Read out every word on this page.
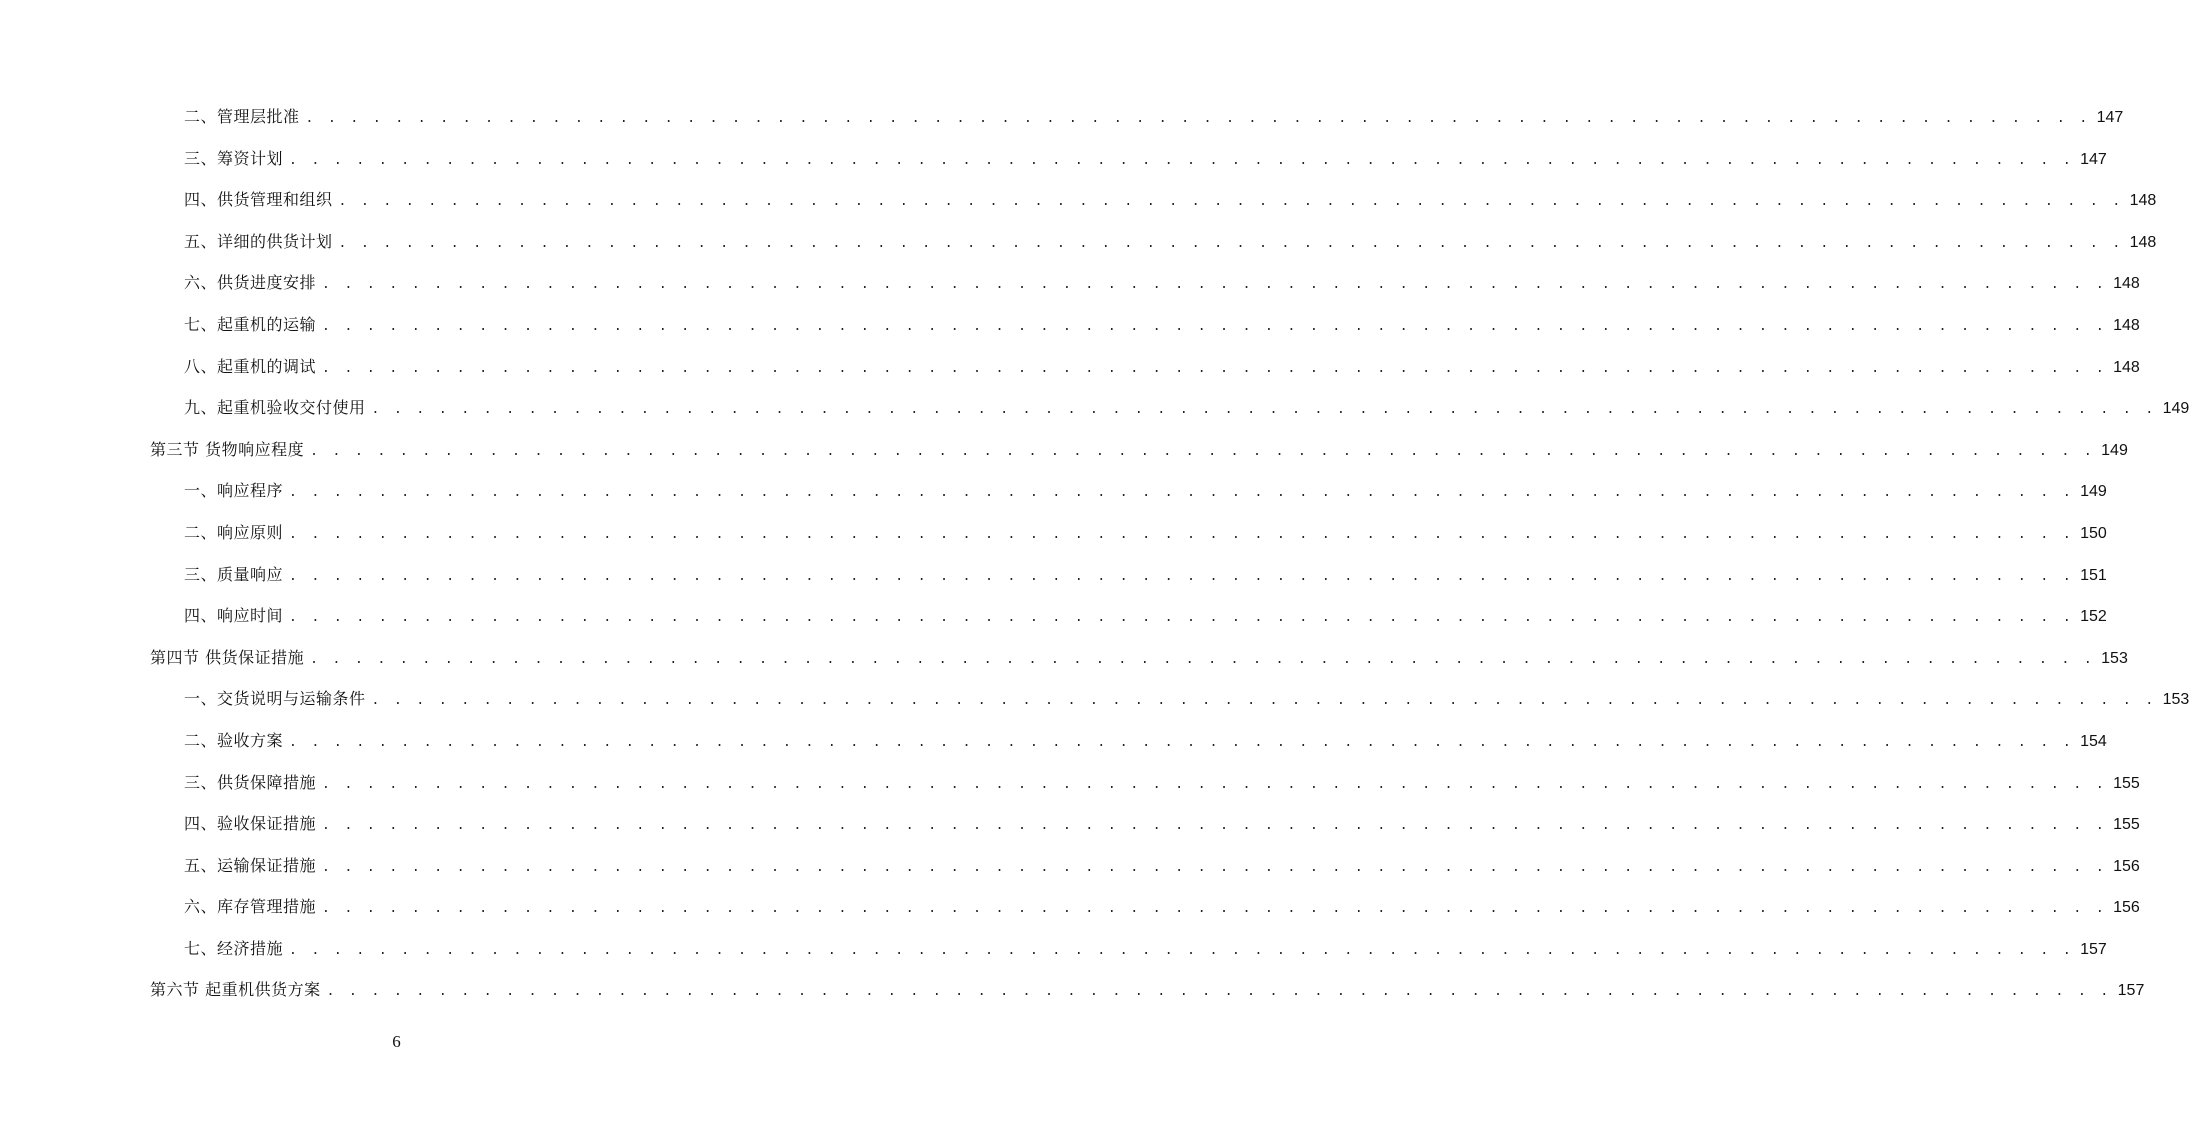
二、管理层批准 . . . . . . . . . . . . . . . . . . . . . . . . . . . . . . . . . . . . . . . . . . . . . . . . . . . . . . . . . . . . . . . . . . . . . . . . . . . . . . . . 147
三、筹资计划 . . . . . . . . . . . . . . . . . . . . . . . . . . . . . . . . . . . . . . . . . . . . . . . . . . . . . . . . . . . . . . . . . . . . . . . . . . . . . . . . 147
四、供货管理和组织 . . . . . . . . . . . . . . . . . . . . . . . . . . . . . . . . . . . . . . . . . . . . . . . . . . . . . . . . . . . . . . . . . . . . . . . . . . . . . . . . 148
五、详细的供货计划 . . . . . . . . . . . . . . . . . . . . . . . . . . . . . . . . . . . . . . . . . . . . . . . . . . . . . . . . . . . . . . . . . . . . . . . . . . . . . . . . 148
六、供货进度安排 . . . . . . . . . . . . . . . . . . . . . . . . . . . . . . . . . . . . . . . . . . . . . . . . . . . . . . . . . . . . . . . . . . . . . . . . . . . . . . . . 148
七、起重机的运输 . . . . . . . . . . . . . . . . . . . . . . . . . . . . . . . . . . . . . . . . . . . . . . . . . . . . . . . . . . . . . . . . . . . . . . . . . . . . . . . . 148
八、起重机的调试 . . . . . . . . . . . . . . . . . . . . . . . . . . . . . . . . . . . . . . . . . . . . . . . . . . . . . . . . . . . . . . . . . . . . . . . . . . . . . . . . 148
九、起重机验收交付使用 . . . . . . . . . . . . . . . . . . . . . . . . . . . . . . . . . . . . . . . . . . . . . . . . . . . . . . . . . . . . . . . . . . . . . . . . . . . . . . . . 149
第三节 货物响应程度 . . . . . . . . . . . . . . . . . . . . . . . . . . . . . . . . . . . . . . . . . . . . . . . . . . . . . . . . . . . . . . . . . . . . . . . . . . . . . . . . 149
一、响应程序 . . . . . . . . . . . . . . . . . . . . . . . . . . . . . . . . . . . . . . . . . . . . . . . . . . . . . . . . . . . . . . . . . . . . . . . . . . . . . . . . 149
二、响应原则 . . . . . . . . . . . . . . . . . . . . . . . . . . . . . . . . . . . . . . . . . . . . . . . . . . . . . . . . . . . . . . . . . . . . . . . . . . . . . . . . 150
三、质量响应 . . . . . . . . . . . . . . . . . . . . . . . . . . . . . . . . . . . . . . . . . . . . . . . . . . . . . . . . . . . . . . . . . . . . . . . . . . . . . . . . 151
四、响应时间 . . . . . . . . . . . . . . . . . . . . . . . . . . . . . . . . . . . . . . . . . . . . . . . . . . . . . . . . . . . . . . . . . . . . . . . . . . . . . . . . 152
第四节 供货保证措施 . . . . . . . . . . . . . . . . . . . . . . . . . . . . . . . . . . . . . . . . . . . . . . . . . . . . . . . . . . . . . . . . . . . . . . . . . . . . . . . . 153
一、交货说明与运输条件 . . . . . . . . . . . . . . . . . . . . . . . . . . . . . . . . . . . . . . . . . . . . . . . . . . . . . . . . . . . . . . . . . . . . . . . . . . . . . . . . 153
二、验收方案 . . . . . . . . . . . . . . . . . . . . . . . . . . . . . . . . . . . . . . . . . . . . . . . . . . . . . . . . . . . . . . . . . . . . . . . . . . . . . . . . 154
三、供货保障措施 . . . . . . . . . . . . . . . . . . . . . . . . . . . . . . . . . . . . . . . . . . . . . . . . . . . . . . . . . . . . . . . . . . . . . . . . . . . . . . . . 155
四、验收保证措施 . . . . . . . . . . . . . . . . . . . . . . . . . . . . . . . . . . . . . . . . . . . . . . . . . . . . . . . . . . . . . . . . . . . . . . . . . . . . . . . . 155
五、运输保证措施 . . . . . . . . . . . . . . . . . . . . . . . . . . . . . . . . . . . . . . . . . . . . . . . . . . . . . . . . . . . . . . . . . . . . . . . . . . . . . . . . 156
六、库存管理措施 . . . . . . . . . . . . . . . . . . . . . . . . . . . . . . . . . . . . . . . . . . . . . . . . . . . . . . . . . . . . . . . . . . . . . . . . . . . . . . . . 156
七、经济措施 . . . . . . . . . . . . . . . . . . . . . . . . . . . . . . . . . . . . . . . . . . . . . . . . . . . . . . . . . . . . . . . . . . . . . . . . . . . . . . . . 157
第六节 起重机供货方案 . . . . . . . . . . . . . . . . . . . . . . . . . . . . . . . . . . . . . . . . . . . . . . . . . . . . . . . . . . . . . . . . . . . . . . . . . . . . . . . . 157
6
